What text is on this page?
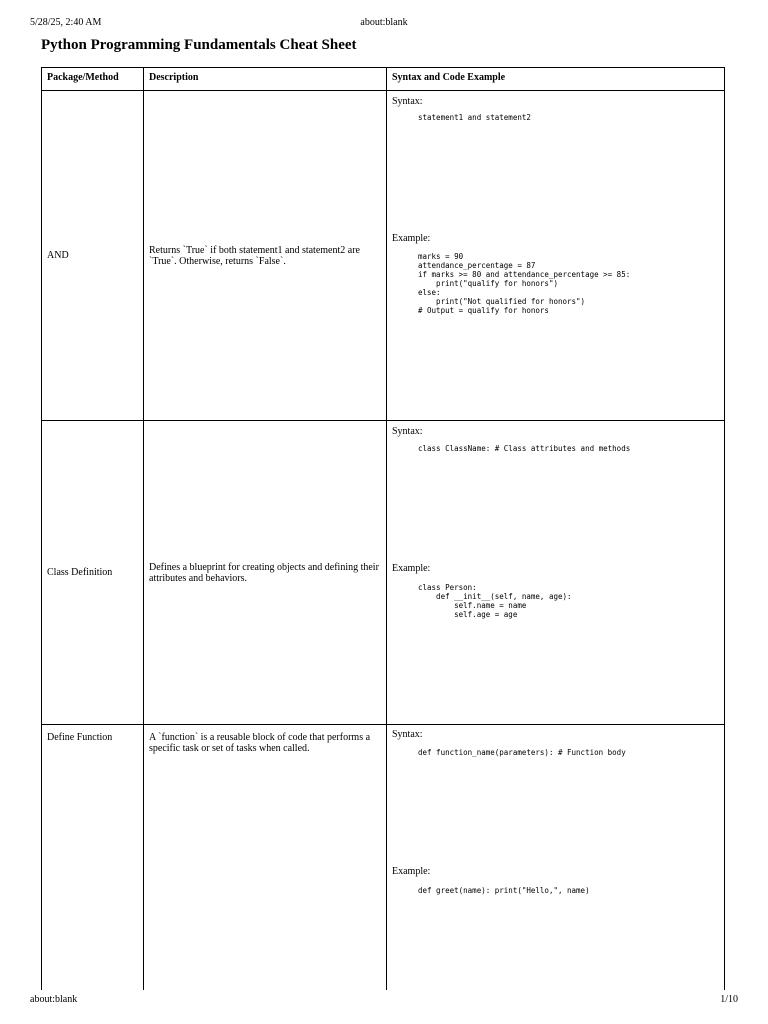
5/28/25, 2:40 AM	about:blank
Python Programming Fundamentals Cheat Sheet
Package/Method	Description	Syntax and Code Example
AND	Returns `True` if both statement1 and statement2 are `True`. Otherwise, returns `False`.
Syntax:
statement1 and statement2
Example:
marks = 90
attendance_percentage = 87
if marks >= 80 and attendance_percentage >= 85:
print("qualify for honors")
else:
print("Not qualified for honors")
# Output = qualify for honors
Class Definition	Defines a blueprint for creating objects and defining their attributes and behaviors.
Syntax:
class ClassName: # Class attributes and methods
Example:
class Person:
def __init__(self, name, age):
self.name = name
self.age = age
Define Function	A `function` is a reusable block of code that performs a specific task or set of tasks when called.
Syntax:
def function_name(parameters): # Function body
Example:
def greet(name): print("Hello,", name)
about:blank	1/10
